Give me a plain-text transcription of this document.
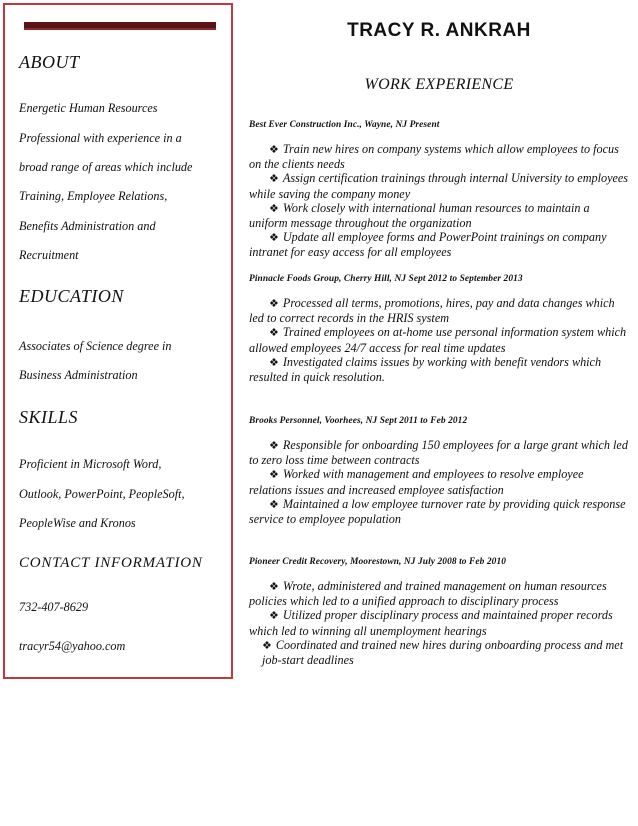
ABOUT
Energetic Human Resources
Professional with experience in a
broad range of areas which include
Training, Employee Relations,
Benefits Administration and
Recruitment
EDUCATION
Associates of Science degree in
Business Administration
SKILLS
Proficient in Microsoft Word,
Outlook, PowerPoint, PeopleSoft,
PeopleWise and Kronos
CONTACT INFORMATION
732-407-8629
tracyr54@yahoo.com
TRACY R. ANKRAH
WORK EXPERIENCE
Best Ever Construction Inc., Wayne, NJ Present
❖ Train new hires on company systems which allow employees to focus on the clients needs
❖ Assign certification trainings through internal University to employees while saving the company money
❖ Work closely with international human resources to maintain a uniform message throughout the organization
❖ Update all employee forms and PowerPoint trainings on company intranet for easy access for all employees
Pinnacle Foods Group, Cherry Hill, NJ Sept 2012 to September 2013
❖ Processed all terms, promotions, hires, pay and data changes which led to correct records in the HRIS system
❖ Trained employees on at-home use personal information system which allowed employees 24/7 access for real time updates
❖ Investigated claims issues by working with benefit vendors which resulted in quick resolution.
Brooks Personnel, Voorhees, NJ Sept 2011 to Feb 2012
❖ Responsible for onboarding 150 employees for a large grant which led to zero loss time between contracts
❖ Worked with management and employees to resolve employee relations issues and increased employee satisfaction
❖ Maintained a low employee turnover rate by providing quick response service to employee population
Pioneer Credit Recovery, Moorestown, NJ July 2008 to Feb 2010
❖ Wrote, administered and trained management on human resources policies which led to a unified approach to disciplinary process
❖ Utilized proper disciplinary process and maintained proper records which led to winning all unemployment hearings
❖ Coordinated and trained new hires during onboarding process and met job-start deadlines
